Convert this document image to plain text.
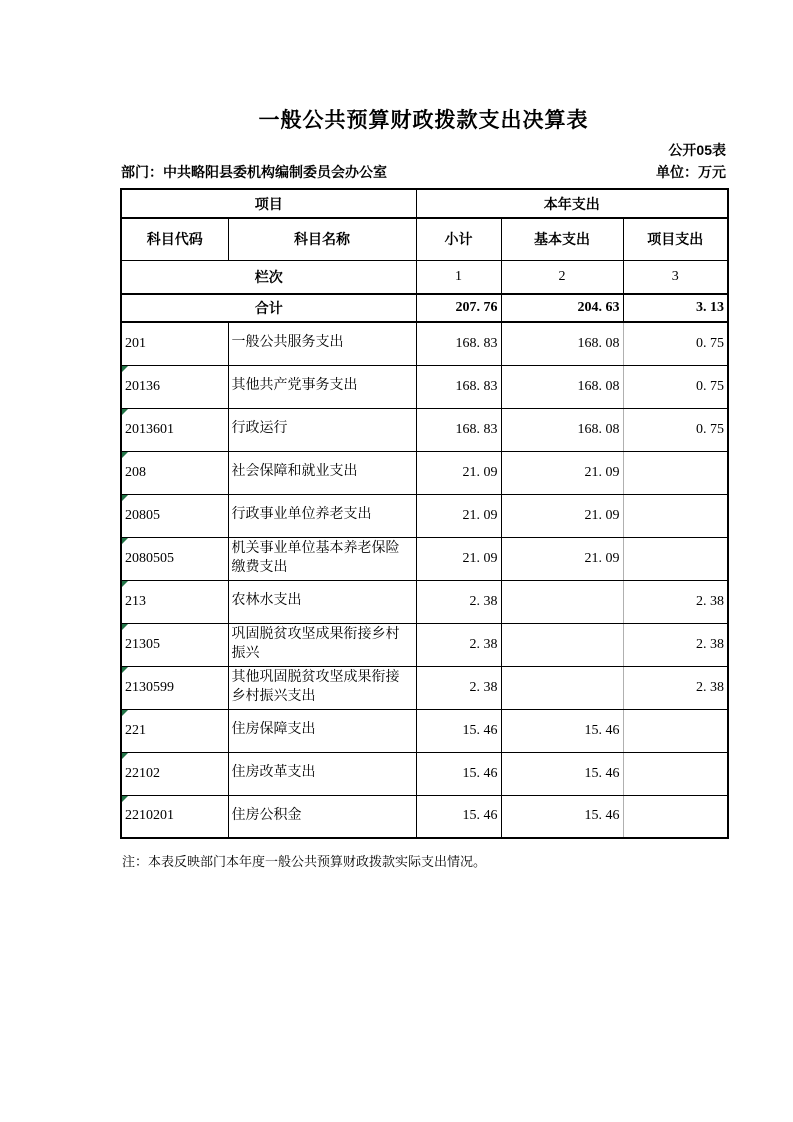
一般公共预算财政拨款支出决算表
公开05表
部门：中共略阳县委机构编制委员会办公室	单位：万元
项目		本年支出		
科目代码	科目名称	小计	基本支出	项目支出
栏次		1	2	3
合计		207. 76	204. 63	3. 13
201	一般公共服务支出	168. 83	168. 08	0. 75

20136	其他共产党事务支出	168. 83	168. 08	0. 75

2013601	行政运行	168. 83	168. 08	0. 75

208	社会保障和就业支出	21. 09	21. 09	

20805	行政事业单位养老支出	21. 09	21. 09	

2080505	机关事业单位基本养老保险缴费支出	21. 09	21. 09	

213	农林水支出	2. 38		2. 38

21305	巩固脱贫攻坚成果衔接乡村振兴	2. 38		2. 38

2130599	其他巩固脱贫攻坚成果衔接乡村振兴支出	2. 38		2. 38

221	住房保障支出	15. 46	15. 46	

22102	住房改革支出	15. 46	15. 46	

2210201	住房公积金	15. 46	15. 46	
注：本表反映部门本年度一般公共预算财政拨款实际支出情况。
